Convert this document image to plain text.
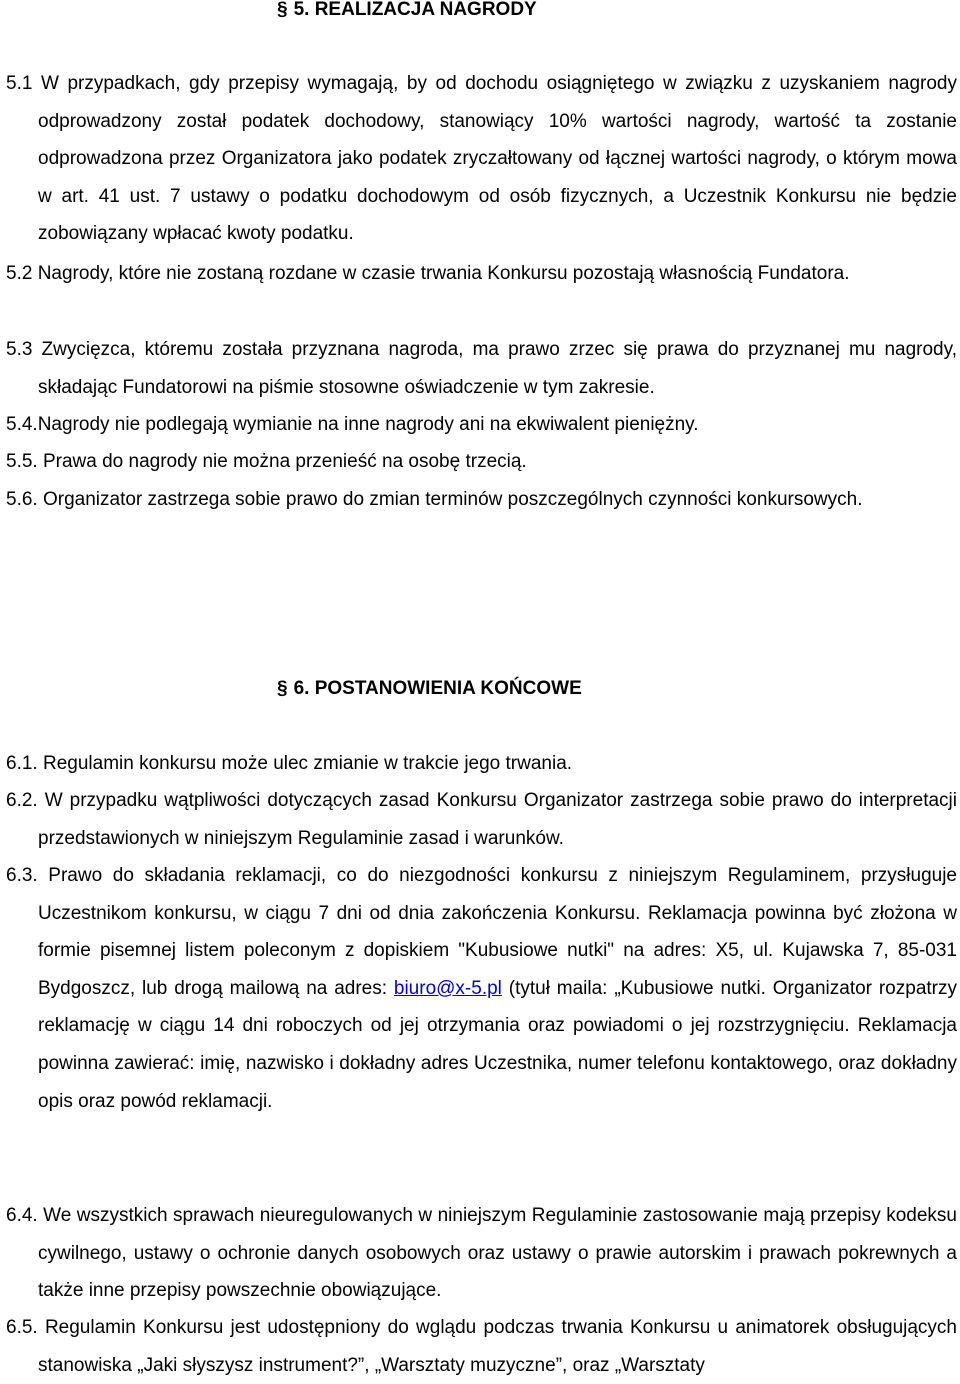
§ 5. REALIZACJA NAGRODY
5.1 W przypadkach, gdy przepisy wymagają, by od dochodu osiągniętego w związku z uzyskaniem nagrody odprowadzony został podatek dochodowy, stanowiący 10% wartości nagrody, wartość ta zostanie odprowadzona przez Organizatora jako podatek zryczałtowany od łącznej wartości nagrody, o którym mowa w art. 41 ust. 7 ustawy o podatku dochodowym od osób fizycznych, a Uczestnik Konkursu nie będzie zobowiązany wpłacać kwoty podatku.
5.2 Nagrody, które nie zostaną rozdane w czasie trwania Konkursu pozostają własnością Fundatora.
5.3 Zwycięzca, któremu została przyznana nagroda, ma prawo zrzec się prawa do przyznanej mu nagrody, składając Fundatorowi na piśmie stosowne oświadczenie w tym zakresie.
5.4.Nagrody nie podlegają wymianie na inne nagrody ani na ekwiwalent pieniężny.
5.5. Prawa do nagrody nie można przenieść na osobę trzecią.
5.6. Organizator zastrzega sobie prawo do zmian terminów poszczególnych czynności konkursowych.
§ 6. POSTANOWIENIA KOŃCOWE
6.1. Regulamin konkursu może ulec zmianie w trakcie jego trwania.
6.2. W przypadku wątpliwości dotyczących zasad Konkursu Organizator zastrzega sobie prawo do interpretacji przedstawionych w niniejszym Regulaminie zasad i warunków.
6.3. Prawo do składania reklamacji, co do niezgodności konkursu z niniejszym Regulaminem, przysługuje Uczestnikom konkursu, w ciągu 7 dni od dnia zakończenia Konkursu. Reklamacja powinna być złożona w formie pisemnej listem poleconym z dopiskiem "Kubusiowe nutki" na adres: X5, ul. Kujawska 7, 85-031 Bydgoszcz, lub drogą mailową na adres: biuro@x-5.pl (tytuł maila: „Kubusiowe nutki. Organizator rozpatrzy reklamację w ciągu 14 dni roboczych od jej otrzymania oraz powiadomi o jej rozstrzygnięciu. Reklamacja powinna zawierać: imię, nazwisko i dokładny adres Uczestnika, numer telefonu kontaktowego, oraz dokładny opis oraz powód reklamacji.
6.4. We wszystkich sprawach nieuregulowanych w niniejszym Regulaminie zastosowanie mają przepisy kodeksu cywilnego, ustawy o ochronie danych osobowych oraz ustawy o prawie autorskim i prawach pokrewnych a także inne przepisy powszechnie obowiązujące.
6.5. Regulamin Konkursu jest udostępniony do wglądu podczas trwania Konkursu u animatorek obsługujących stanowiska „Jaki słyszysz instrument?”, „Warsztaty muzyczne”, oraz „Warsztaty
